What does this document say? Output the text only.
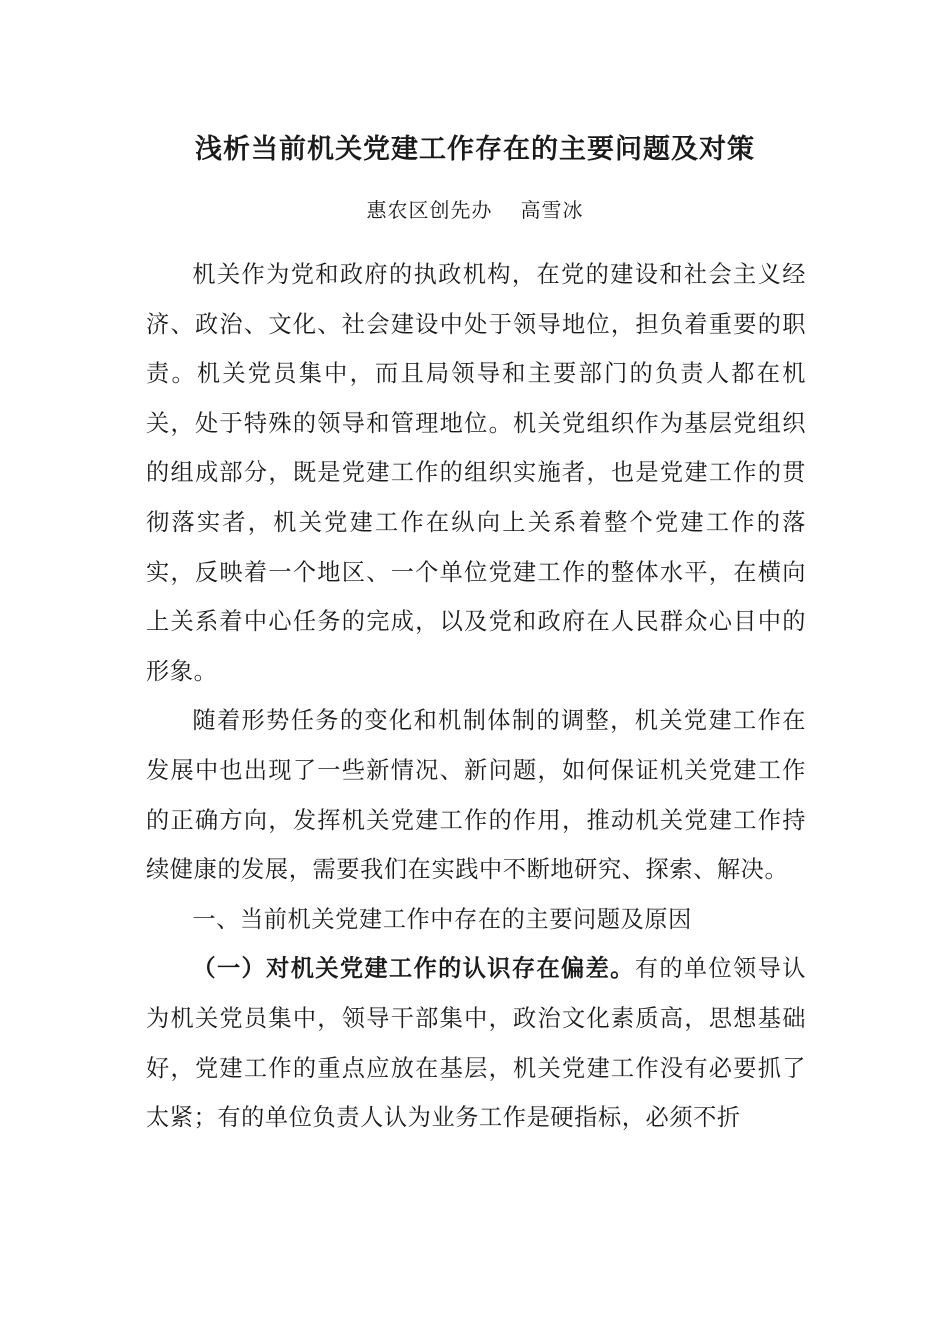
浅析当前机关党建工作存在的主要问题及对策

惠农区创先办 高雪冰

机关作为党和政府的执政机构，在党的建设和社会主义经济、政治、文化、社会建设中处于领导地位，担负着重要的职责。机关党员集中，而且局领导和主要部门的负责人都在机关，处于特殊的领导和管理地位。机关党组织作为基层党组织的组成部分，既是党建工作的组织实施者，也是党建工作的贯彻落实者，机关党建工作在纵向上关系着整个党建工作的落实，反映着一个地区、一个单位党建工作的整体水平，在横向上关系着中心任务的完成，以及党和政府在人民群众心目中的形象。

随着形势任务的变化和机制体制的调整，机关党建工作在发展中也出现了一些新情况、新问题，如何保证机关党建工作的正确方向，发挥机关党建工作的作用，推动机关党建工作持续健康的发展，需要我们在实践中不断地研究、探索、解决。

一、当前机关党建工作中存在的主要问题及原因

（一）对机关党建工作的认识存在偏差。有的单位领导认为机关党员集中，领导干部集中，政治文化素质高，思想基础好，党建工作的重点应放在基层，机关党建工作没有必要抓了太紧；有的单位负责人认为业务工作是硬指标，必须不折
